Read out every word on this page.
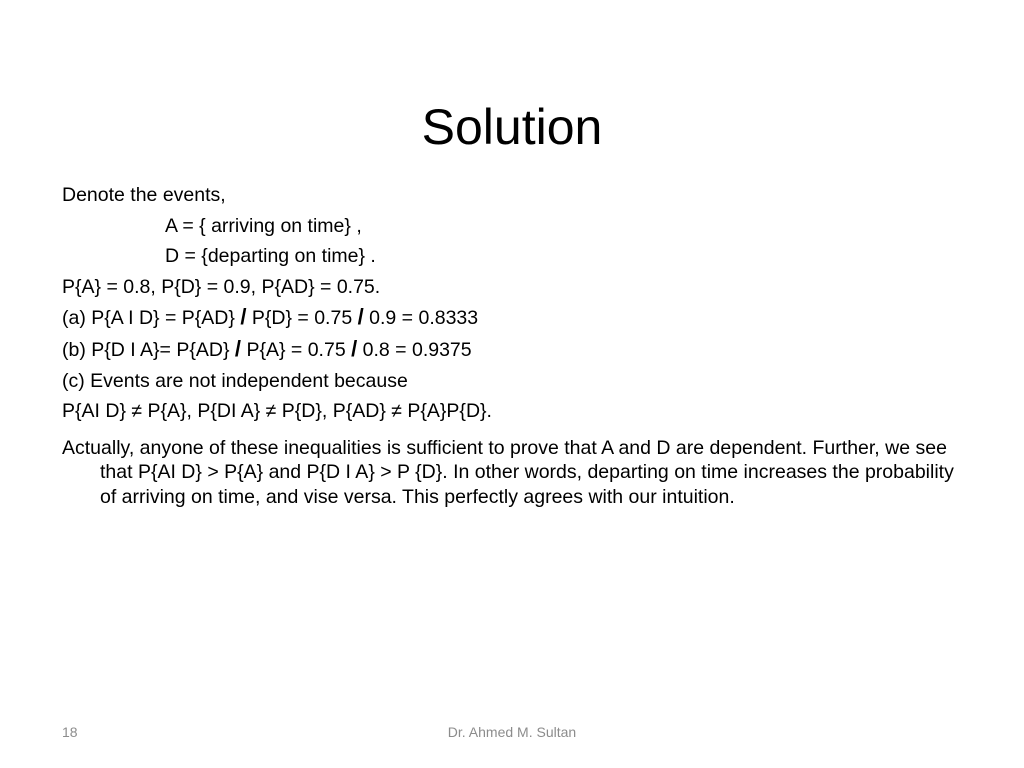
Solution
Denote the events,
A = { arriving on time} ,
D = {departing on time} .
P{A} = 0.8, P{D} = 0.9, P{AD} = 0.75.
(a) P{A I D} = P{AD} / P{D} = 0.75 / 0.9 = 0.8333
(b) P{D I A}= P{AD} / P{A} = 0.75 / 0.8 = 0.9375
(c) Events are not independent because
P{AI D} ≠ P{A}, P{DI A} ≠ P{D}, P{AD} ≠ P{A}P{D}.
Actually, anyone of these inequalities is sufficient to prove that A and D are dependent. Further, we see that P{AI D} > P{A} and P{D I A} > P {D}. In other words, departing on time increases the probability of arriving on time, and vise versa. This perfectly agrees with our intuition.
18	Dr. Ahmed M. Sultan
